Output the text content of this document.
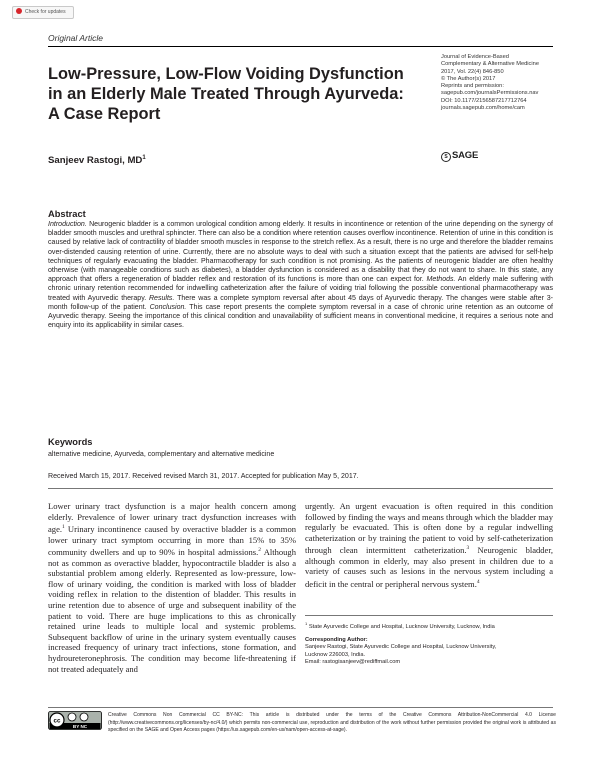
Check for updates
Original Article
Low-Pressure, Low-Flow Voiding Dysfunction in an Elderly Male Treated Through Ayurveda: A Case Report
Journal of Evidence-Based
Complementary & Alternative Medicine
2017, Vol. 22(4) 846-850
© The Author(s) 2017
Reprints and permission:
sagepub.com/journalsPermissions.nav
DOI: 10.1177/2156587217712764
journals.sagepub.com/home/cam
S SAGE
Sanjeev Rastogi, $MD^1$
Abstract
Introduction. Neurogenic bladder is a common urological condition among elderly. It results in incontinence or retention of the urine depending on the synergy of bladder smooth muscles and urethral sphincter. There can also be a condition where retention causes overflow incontinence. Retention of urine in this condition is caused by relative lack of contractility of bladder smooth muscles in response to the stretch reflex. As a result, there is no urge and therefore the bladder remains over-distended causing retention of urine. Currently, there are no absolute ways to deal with such a situation except that the patients are advised for self-help techniques of regularly evacuating the bladder. Pharmacotherapy for such condition is not promising. As the patients of neurogenic bladder are often healthy otherwise (with manageable conditions such as diabetes), a bladder dysfunction is considered as a disability that they do not want to share. In this state, any approach that offers a regeneration of bladder reflex and restoration of its functions is more than one can expect for. Methods. An elderly male suffering with chronic urinary retention recommended for indwelling catheterization after the failure of voiding trial following the possible conventional pharmacotherapy was treated with Ayurvedic therapy. Results. There was a complete symptom reversal after about 45 days of Ayurvedic therapy. The changes were stable after 3-month follow-up of the patient. Conclusion. This case report presents the complete symptom reversal in a case of chronic urine retention as an outcome of Ayurvedic therapy. Seeing the importance of this clinical condition and unavailability of sufficient means in conventional medicine, it requires a serious note and enquiry into its applicability in similar cases.
Keywords
alternative medicine, Ayurveda, complementary and alternative medicine
Received March 15, 2017. Received revised March 31, 2017. Accepted for publication May 5, 2017.
Lower urinary tract dysfunction is a major health concern among elderly. Prevalence of lower urinary tract dysfunction increases with age.$^1$ Urinary incontinence caused by overactive bladder is a common lower urinary tract symptom occurring in more than 15% to 35% community dwellers and up to 90% in hospital admissions.$^2$ Although not as common as overactive bladder, hypocontractile bladder is also a substantial problem among elderly. Represented as low-pressure, low-flow of urinary voiding, the condition is marked with loss of bladder voiding reflex in relation to the distention of bladder. This results in urine retention due to absence of urge and subsequent inability of the patient to void. There are huge implications to this as chronically retained urine leads to multiple local and systemic problems. Subsequent backflow of urine in the urinary system eventually causes increased frequency of urinary tract infections, stone formation, and hydroureteronephrosis. The condition may become life-threatening if not treated adequately and
urgently. An urgent evacuation is often required in this condition followed by finding the ways and means through which the bladder may regularly be evacuated. This is often done by a regular indwelling catheterization or by training the patient to void by self-catheterization through clean intermittent catheterization.$^3$ Neurogenic bladder, although common in elderly, may also present in children due to a variety of causes such as lesions in the nervous system including a deficit in the central or peripheral nervous system.$^4$
$^1$ State Ayurvedic College and Hospital, Lucknow University, Lucknow, India
Corresponding Author:
Sanjeev Rastogi, State Ayurvedic College and Hospital, Lucknow University,
Lucknow 226003, India.
Email: rastogisanjeev@rediffmail.com
cc
BY NC
Creative Commons Non Commercial CC BY-NC: This article is distributed under the terms of the Creative Commons Attribution-NonCommercial 4.0 License (http://www.creativecommons.org/licenses/by-nc/4.0/) which permits non-commercial use, reproduction and distribution of the work without further permission provided the original work is attributed as specified on the SAGE and Open Access pages (https://us.sagepub.com/en-us/nam/open-access-at-sage).
